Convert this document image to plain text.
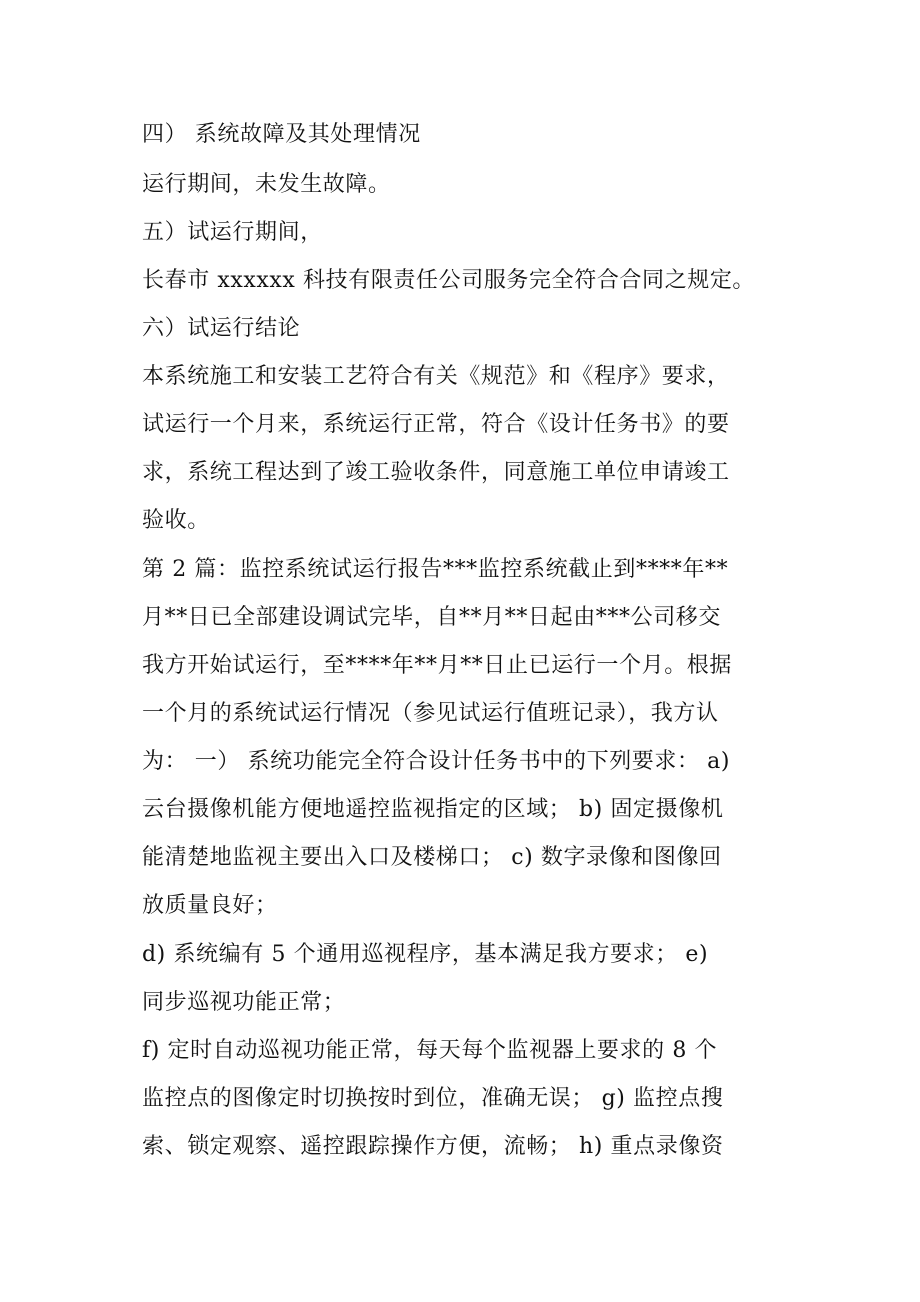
四） 系统故障及其处理情况
运行期间，未发生故障。
五）试运行期间，
长春市 xxxxxx 科技有限责任公司服务完全符合合同之规定。
六）试运行结论
本系统施工和安装工艺符合有关《规范》和《程序》要求，
试运行一个月来，系统运行正常，符合《设计任务书》的要
求，系统工程达到了竣工验收条件，同意施工单位申请竣工
验收。
第 2 篇：监控系统试运行报告***监控系统截止到****年**
月**日已全部建设调试完毕，自**月**日起由***公司移交
我方开始试运行，至****年**月**日止已运行一个月。根据
一个月的系统试运行情况（参见试运行值班记录），我方认
为： 一） 系统功能完全符合设计任务书中的下列要求： a)
云台摄像机能方便地遥控监视指定的区域； b) 固定摄像机
能清楚地监视主要出入口及楼梯口； c) 数字录像和图像回
放质量良好；
d) 系统编有 5 个通用巡视程序，基本满足我方要求； e)
同步巡视功能正常；
f) 定时自动巡视功能正常，每天每个监视器上要求的 8 个
监控点的图像定时切换按时到位，准确无误； g) 监控点搜
索、锁定观察、遥控跟踪操作方便，流畅； h) 重点录像资
